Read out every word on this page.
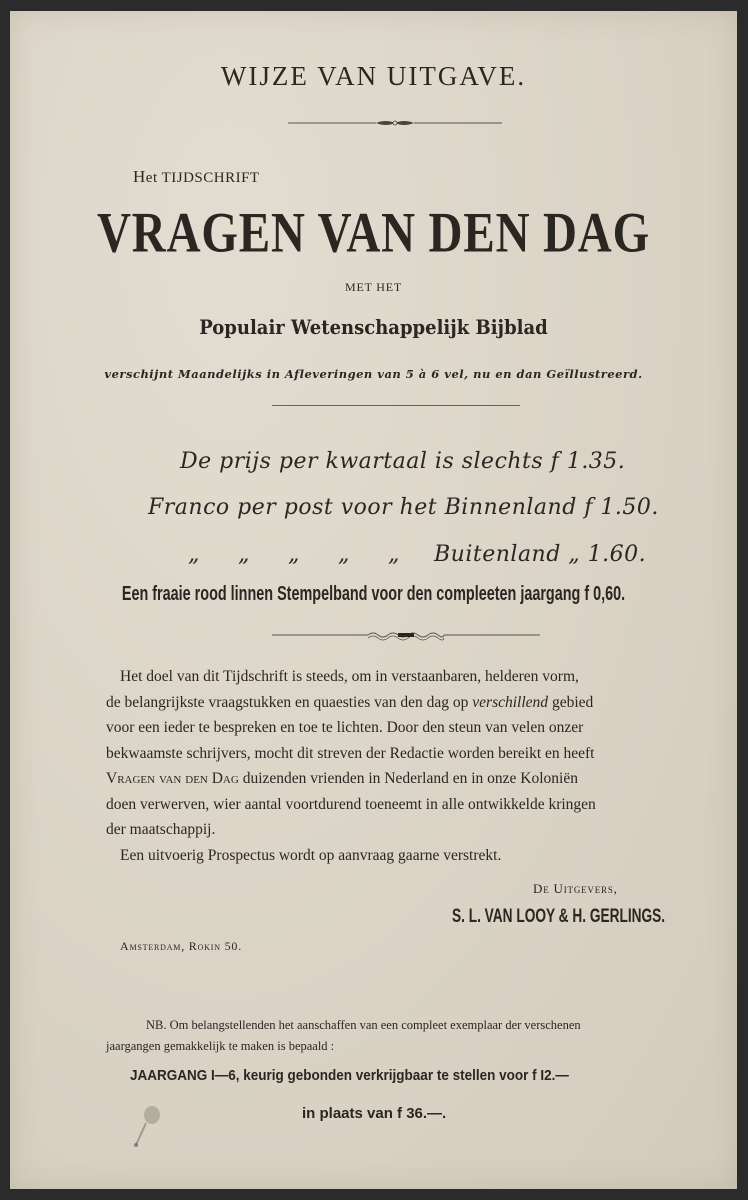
WIJZE VAN UITGAVE.
Het TIJDSCHRIFT
VRAGEN VAN DEN DAG
MET HET
Populair Wetenschappelijk Bijblad
verschijnt Maandelijks in Afleveringen van 5 à 6 vel, nu en dan Geïllustreerd.
De prijs per kwartaal is slechts f 1.35.
Franco per post voor het Binnenland f 1.50.
„ „ „ „ „ Buitenland „ 1.60.
Een fraaie rood linnen Stempelband voor den compleeten jaargang f 0,60.

Het doel van dit Tijdschrift is steeds, om in verstaanbaren, helderen vorm,

de belangrijkste vraagstukken en quaesties van den dag op verschillend gebied

voor een ieder te bespreken en toe te lichten. Door den steun van velen onzer

bekwaamste schrijvers, mocht dit streven der Redactie worden bereikt en heeft

Vragen van den Dag duizenden vrienden in Nederland en in onze Koloniën

doen verwerven, wier aantal voortdurend toeneemt in alle ontwikkelde kringen

der maatschappij.

Een uitvoerig Prospectus wordt op aanvraag gaarne verstrekt.

De Uitgevers,
S. L. VAN LOOY & H. GERLINGS.
Amsterdam, Rokin 50.

NB. Om belangstellenden het aanschaffen van een compleet exemplaar der verschenen

jaargangen gemakkelijk te maken is bepaald :

JAARGANG I—6, keurig gebonden verkrijgbaar te stellen voor f I2.—
in plaats van f 36.—.
